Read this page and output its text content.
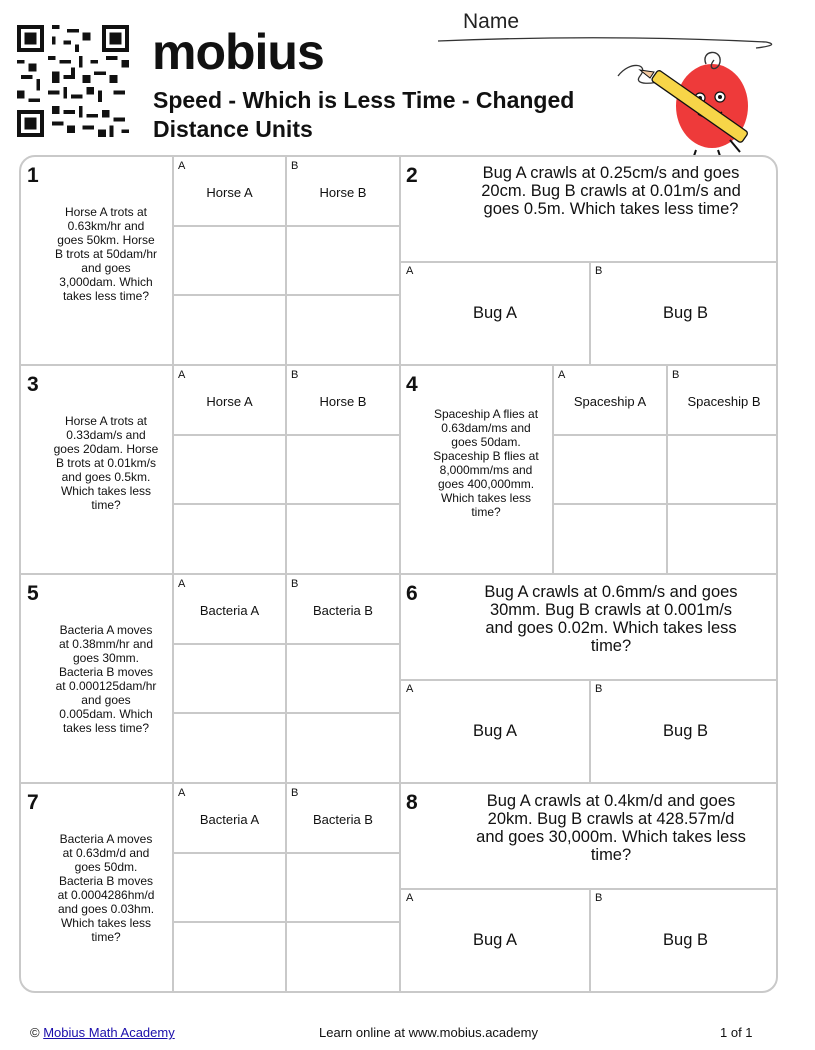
mobius
Speed - Which is Less Time - Changed Distance Units
Name
1
Horse A trots at 0.63km/hr and goes 50km. Horse B trots at 50dam/hr and goes 3,000dam. Which takes less time?
A	B
Horse A	Horse B
2	Bug A crawls at 0.25cm/s and goes 20cm. Bug B crawls at 0.01m/s and goes 0.5m. Which takes less time?
A	B
Bug A	Bug B
3
Horse A trots at 0.33dam/s and goes 20dam. Horse B trots at 0.01km/s and goes 0.5km. Which takes less time?
A	B
Horse A	Horse B
4
Spaceship A flies at 0.63dam/ms and goes 50dam. Spaceship B flies at 8,000mm/ms and goes 400,000mm. Which takes less time?
A	B
Spaceship A	Spaceship B
5
Bacteria A moves at 0.38mm/hr and goes 30mm. Bacteria B moves at 0.000125dam/hr and goes 0.005dam. Which takes less time?
A	B
Bacteria A	Bacteria B
6	Bug A crawls at 0.6mm/s and goes 30mm. Bug B crawls at 0.001m/s and goes 0.02m. Which takes less time?
A	B
Bug A	Bug B
7
Bacteria A moves at 0.63dm/d and goes 50dm. Bacteria B moves at 0.0004286hm/d and goes 0.03hm. Which takes less time?
A	B
Bacteria A	Bacteria B
8	Bug A crawls at 0.4km/d and goes 20km. Bug B crawls at 428.57m/d and goes 30,000m. Which takes less time?
A	B
Bug A	Bug B
© Mobius Math Academy	Learn online at www.mobius.academy	1 of 1
